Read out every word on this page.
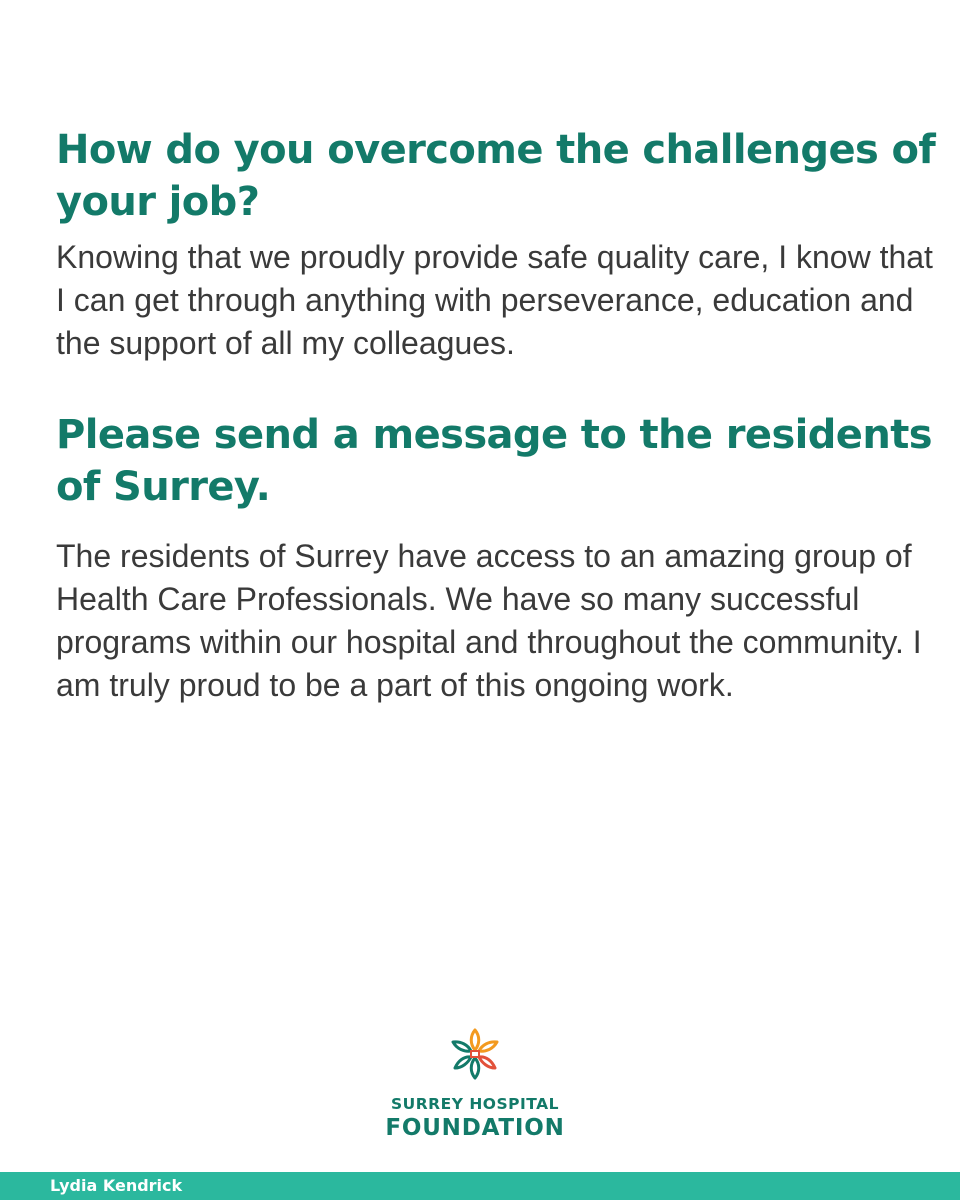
How do you overcome the challenges of your job?

Knowing that we proudly provide safe quality care, I know that I can get through anything with perseverance, education and the support of all my colleagues.

Please send a message to the residents of Surrey.

The residents of Surrey have access to an amazing group of Health Care Professionals. We have so many successful programs within our hospital and throughout the community. I am truly proud to be a part of this ongoing work.

SURREY HOSPITAL
FOUNDATION
Lydia Kendrick
